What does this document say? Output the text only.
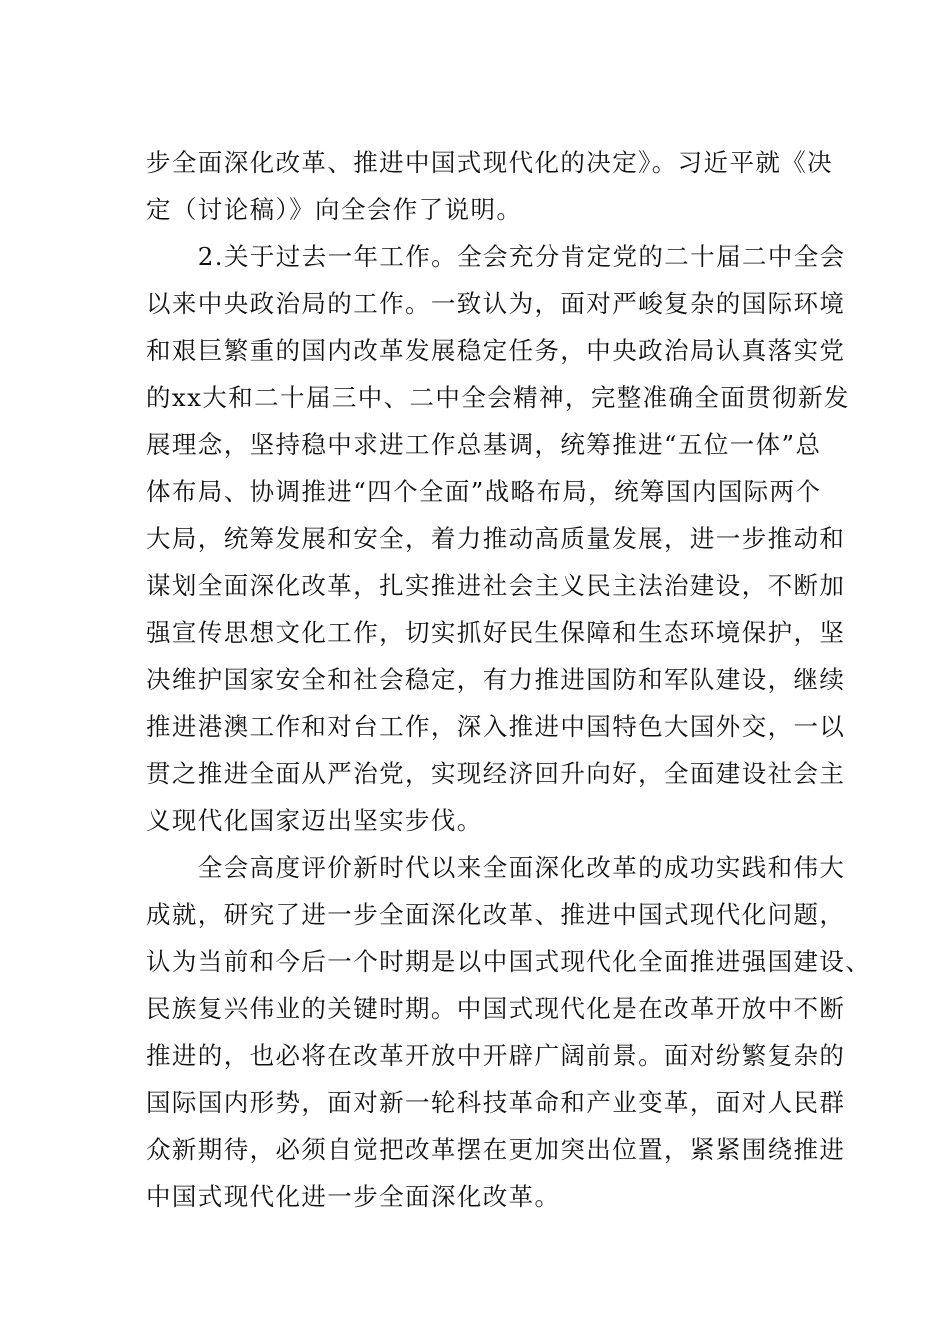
步全面深化改革、推进中国式现代化的决定》。习近平就《决
定（讨论稿）》向全会作了说明。
　　2.关于过去一年工作。全会充分肯定党的二十届二中全会
以来中央政治局的工作。一致认为，面对严峻复杂的国际环境
和艰巨繁重的国内改革发展稳定任务，中央政治局认真落实党
的xx大和二十届三中、二中全会精神，完整准确全面贯彻新发
展理念，坚持稳中求进工作总基调，统筹推进“五位一体”总
体布局、协调推进“四个全面”战略布局，统筹国内国际两个
大局，统筹发展和安全，着力推动高质量发展，进一步推动和
谋划全面深化改革，扎实推进社会主义民主法治建设，不断加
强宣传思想文化工作，切实抓好民生保障和生态环境保护，坚
决维护国家安全和社会稳定，有力推进国防和军队建设，继续
推进港澳工作和对台工作，深入推进中国特色大国外交，一以
贯之推进全面从严治党，实现经济回升向好，全面建设社会主
义现代化国家迈出坚实步伐。
　　全会高度评价新时代以来全面深化改革的成功实践和伟大
成就，研究了进一步全面深化改革、推进中国式现代化问题，
认为当前和今后一个时期是以中国式现代化全面推进强国建设、
民族复兴伟业的关键时期。中国式现代化是在改革开放中不断
推进的，也必将在改革开放中开辟广阔前景。面对纷繁复杂的
国际国内形势，面对新一轮科技革命和产业变革，面对人民群
众新期待，必须自觉把改革摆在更加突出位置，紧紧围绕推进
中国式现代化进一步全面深化改革。
